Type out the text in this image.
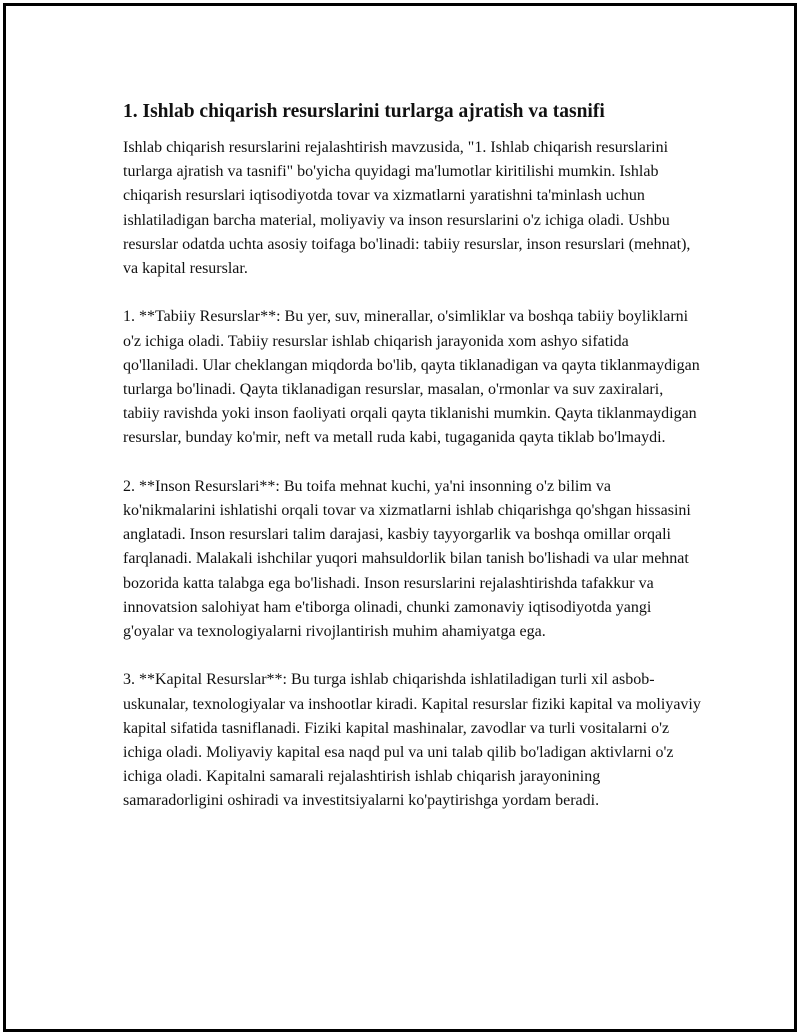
1. Ishlab chiqarish resurslarini turlarga ajratish va tasnifi

Ishlab chiqarish resurslarini rejalashtirish mavzusida, "1. Ishlab chiqarish resurslarini turlarga ajratish va tasnifi" bo'yicha quyidagi ma'lumotlar kiritilishi mumkin. Ishlab chiqarish resurslari iqtisodiyotda tovar va xizmatlarni yaratishni ta'minlash uchun ishlatiladigan barcha material, moliyaviy va inson resurslarini o'z ichiga oladi. Ushbu resurslar odatda uchta asosiy toifaga bo'linadi: tabiiy resurslar, inson resurslari (mehnat), va kapital resurslar.

1. **Tabiiy Resurslar**: Bu yer, suv, minerallar, o'simliklar va boshqa tabiiy boyliklarni o'z ichiga oladi. Tabiiy resurslar ishlab chiqarish jarayonida xom ashyo sifatida qo'llaniladi. Ular cheklangan miqdorda bo'lib, qayta tiklanadigan va qayta tiklanmaydigan turlarga bo'linadi. Qayta tiklanadigan resurslar, masalan, o'rmonlar va suv zaxiralari, tabiiy ravishda yoki inson faoliyati orqali qayta tiklanishi mumkin. Qayta tiklanmaydigan resurslar, bunday ko'mir, neft va metall ruda kabi, tugaganida qayta tiklab bo'lmaydi.

2. **Inson Resurslari**: Bu toifa mehnat kuchi, ya'ni insonning o'z bilim va ko'nikmalarini ishlatishi orqali tovar va xizmatlarni ishlab chiqarishga qo'shgan hissasini anglatadi. Inson resurslari talim darajasi, kasbiy tayyorgarlik va boshqa omillar orqali farqlanadi. Malakali ishchilar yuqori mahsuldorlik bilan tanish bo'lishadi va ular mehnat bozorida katta talabga ega bo'lishadi. Inson resurslarini rejalashtirishda tafakkur va innovatsion salohiyat ham e'tiborga olinadi, chunki zamonaviy iqtisodiyotda yangi g'oyalar va texnologiyalarni rivojlantirish muhim ahamiyatga ega.

3. **Kapital Resurslar**: Bu turga ishlab chiqarishda ishlatiladigan turli xil asbob-uskunalar, texnologiyalar va inshootlar kiradi. Kapital resurslar fiziki kapital va moliyaviy kapital sifatida tasniflanadi. Fiziki kapital mashinalar, zavodlar va turli vositalarni o'z ichiga oladi. Moliyaviy kapital esa naqd pul va uni talab qilib bo'ladigan aktivlarni o'z ichiga oladi. Kapitalni samarali rejalashtirish ishlab chiqarish jarayonining samaradorligini oshiradi va investitsiyalarni ko'paytirishga yordam beradi.
